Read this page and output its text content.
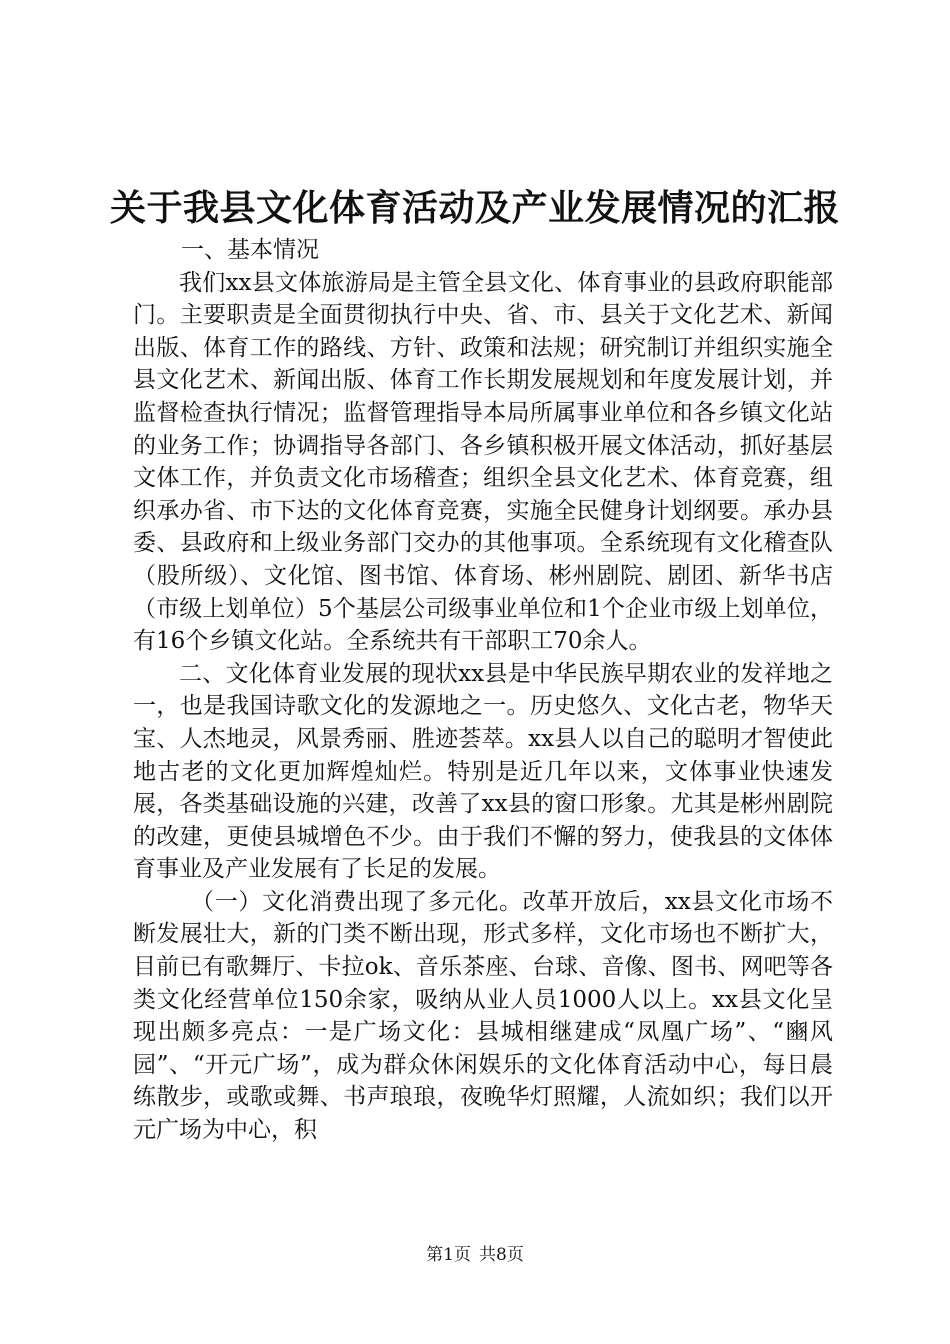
关于我县文化体育活动及产业发展情况的汇报

一、基本情况

我们xx县文体旅游局是主管全县文化、体育事业的县政府职能部门。主要职责是全面贯彻执行中央、省、市、县关于文化艺术、新闻出版、体育工作的路线、方针、政策和法规；研究制订并组织实施全县文化艺术、新闻出版、体育工作长期发展规划和年度发展计划，并监督检查执行情况；监督管理指导本局所属事业单位和各乡镇文化站的业务工作；协调指导各部门、各乡镇积极开展文体活动，抓好基层文体工作，并负责文化市场稽查；组织全县文化艺术、体育竞赛，组织承办省、市下达的文化体育竞赛，实施全民健身计划纲要。承办县委、县政府和上级业务部门交办的其他事项。全系统现有文化稽查队（股所级）、文化馆、图书馆、体育场、彬州剧院、剧团、新华书店（市级上划单位）5个基层公司级事业单位和1个企业市级上划单位，有16个乡镇文化站。全系统共有干部职工70余人。

二、文化体育业发展的现状xx县是中华民族早期农业的发祥地之一，也是我国诗歌文化的发源地之一。历史悠久、文化古老，物华天宝、人杰地灵，风景秀丽、胜迹荟萃。xx县人以自己的聪明才智使此地古老的文化更加辉煌灿烂。特别是近几年以来，文体事业快速发展，各类基础设施的兴建，改善了xx县的窗口形象。尤其是彬州剧院的改建，更使县城增色不少。由于我们不懈的努力，使我县的文体体育事业及产业发展有了长足的发展。

（一）文化消费出现了多元化。改革开放后，xx县文化市场不断发展壮大，新的门类不断出现，形式多样，文化市场也不断扩大，目前已有歌舞厅、卡拉ok、音乐茶座、台球、音像、图书、网吧等各类文化经营单位150余家，吸纳从业人员1000人以上。xx县文化呈现出颇多亮点：一是广场文化：县城相继建成“凤凰广场”、“豳风园”、“开元广场”，成为群众休闲娱乐的文化体育活动中心，每日晨练散步，或歌或舞、书声琅琅，夜晚华灯照耀，人流如织；我们以开元广场为中心，积

第1页 共8页
